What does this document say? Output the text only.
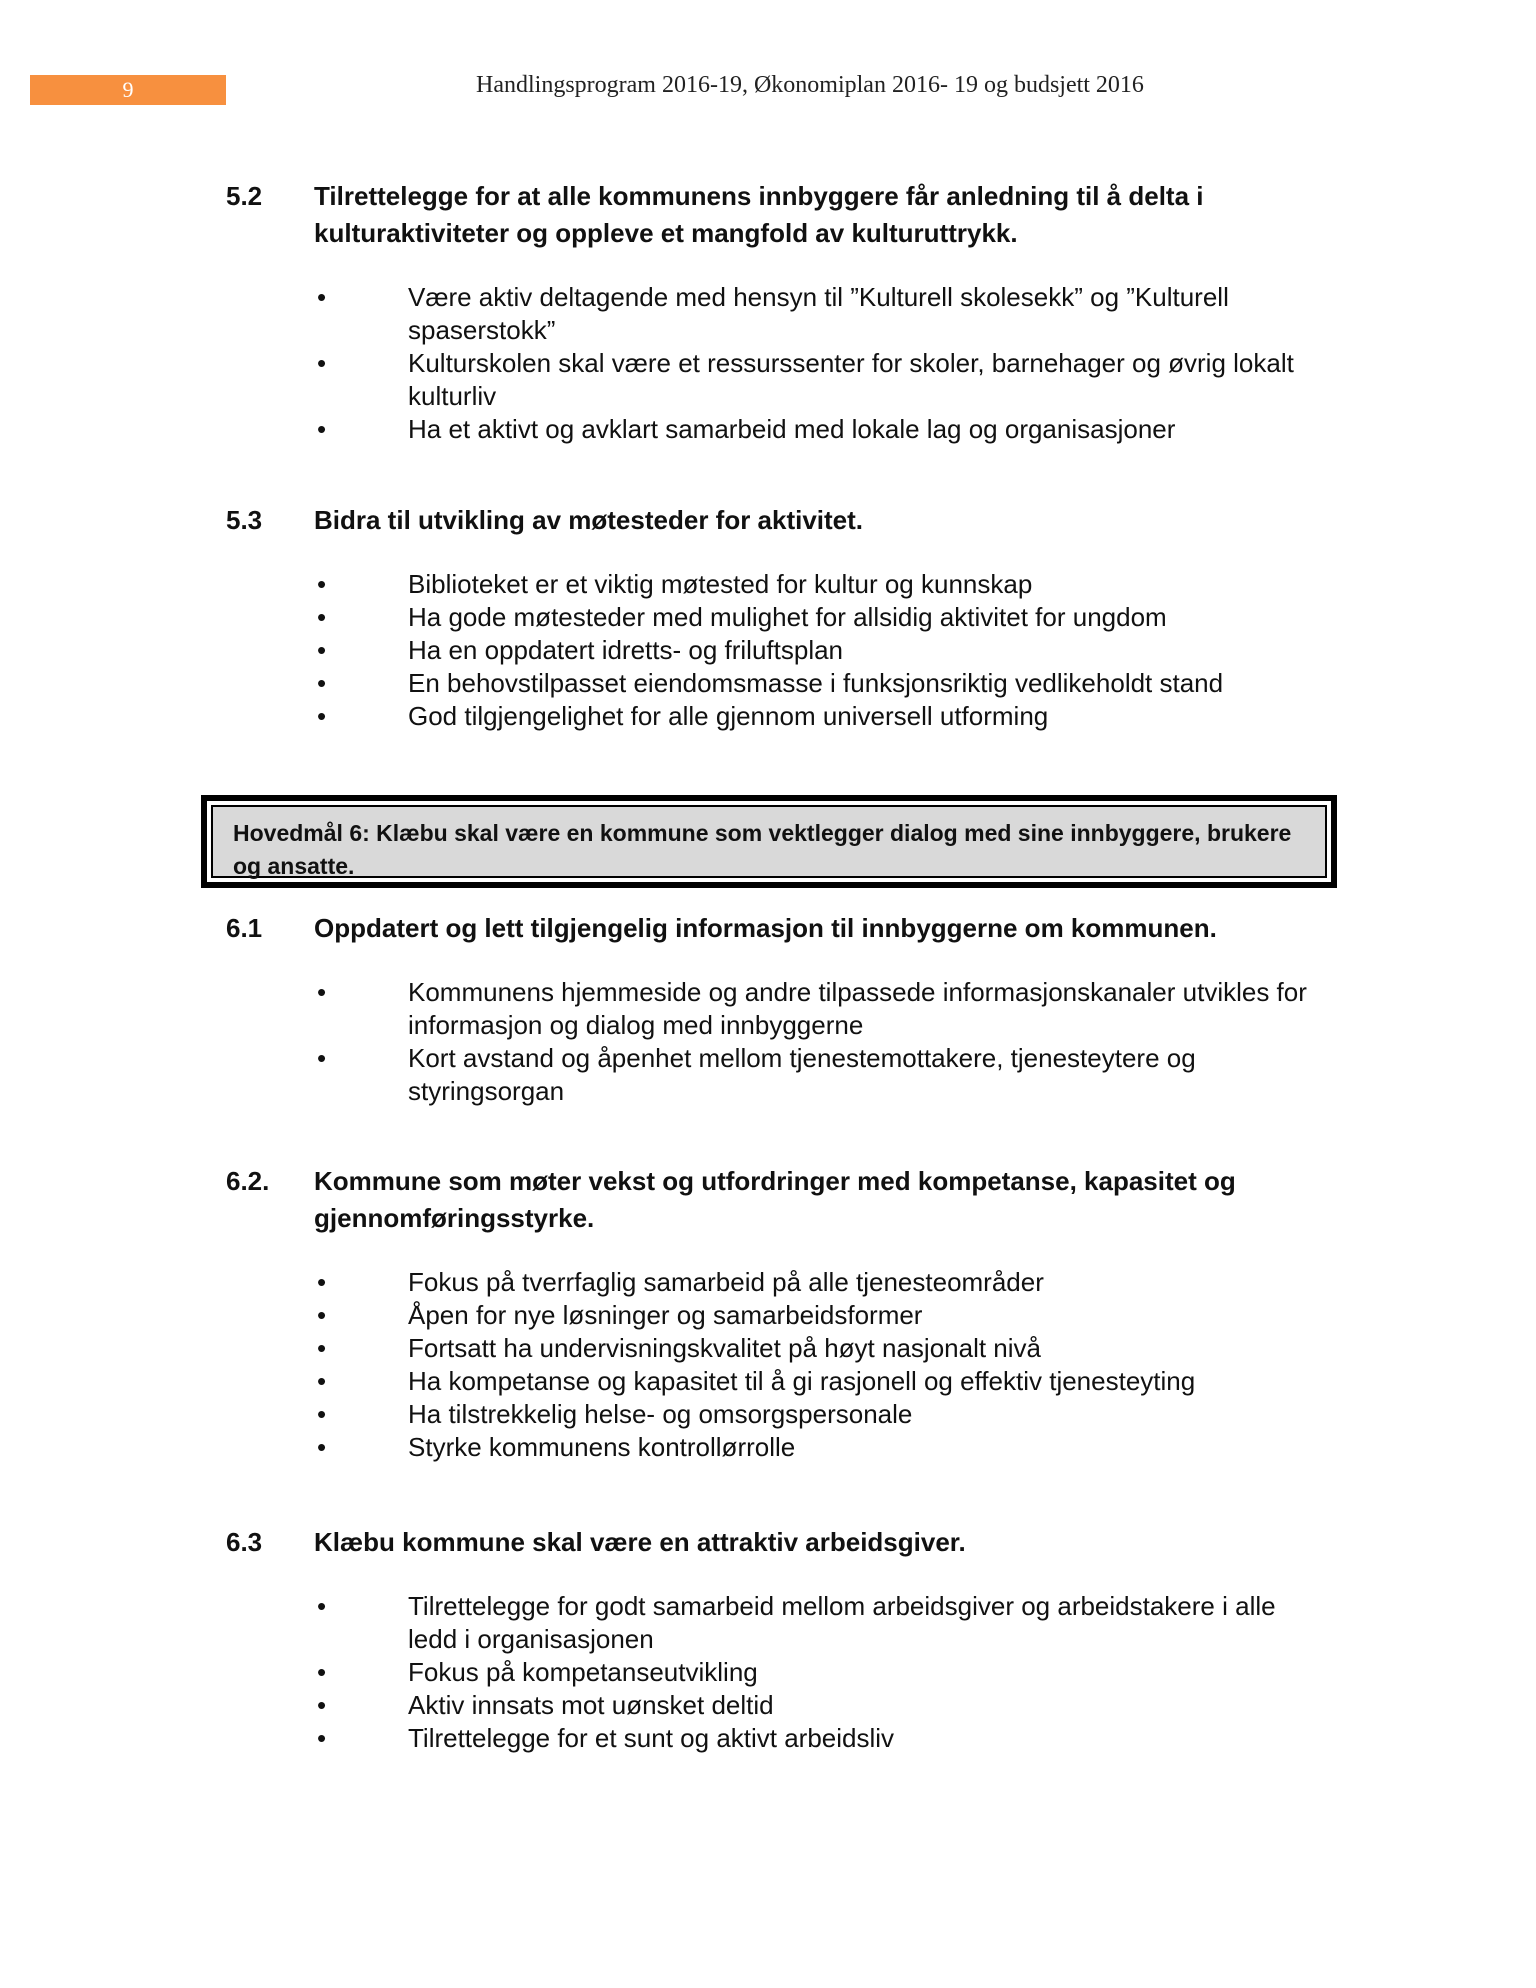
9	Handlingsprogram 2016-19, Økonomiplan 2016- 19 og budsjett 2016
5.2 Tilrettelegge for at alle kommunens innbyggere får anledning til å delta i kulturaktiviteter og oppleve et mangfold av kulturuttrykk.
•	Være aktiv deltagende med hensyn til ”Kulturell skolesekk” og ”Kulturell spaserstokk”
•	Kulturskolen skal være et ressurssenter for skoler, barnehager og øvrig lokalt kulturliv
•	Ha et aktivt og avklart samarbeid med lokale lag og organisasjoner
5.3 Bidra til utvikling av møtesteder for aktivitet.
•	Biblioteket er et viktig møtested for kultur og kunnskap
•	Ha gode møtesteder med mulighet for allsidig aktivitet for ungdom
•	Ha en oppdatert idretts- og friluftsplan
•	En behovstilpasset eiendomsmasse i funksjonsriktig vedlikeholdt stand
•	God tilgjengelighet for alle gjennom universell utforming
Hovedmål 6: Klæbu skal være en kommune som vektlegger dialog med sine innbyggere, brukere og ansatte.
6.1 Oppdatert og lett tilgjengelig informasjon til innbyggerne om kommunen.
•	Kommunens hjemmeside og andre tilpassede informasjonskanaler utvikles for informasjon og dialog med innbyggerne
•	Kort avstand og åpenhet mellom tjenestemottakere, tjenesteytere og styringsorgan
6.2. Kommune som møter vekst og utfordringer med kompetanse, kapasitet og gjennomføringsstyrke.
•	Fokus på tverrfaglig samarbeid på alle tjenesteområder
•	Åpen for nye løsninger og samarbeidsformer
•	Fortsatt ha undervisningskvalitet på høyt nasjonalt nivå
•	Ha kompetanse og kapasitet til å gi rasjonell og effektiv tjenesteyting
•	Ha tilstrekkelig helse- og omsorgspersonale
•	Styrke kommunens kontrollørrolle
6.3 Klæbu kommune skal være en attraktiv arbeidsgiver.
•	Tilrettelegge for godt samarbeid mellom arbeidsgiver og arbeidstakere i alle ledd i organisasjonen
•	Fokus på kompetanseutvikling
•	Aktiv innsats mot uønsket deltid
•	Tilrettelegge for et sunt og aktivt arbeidsliv
